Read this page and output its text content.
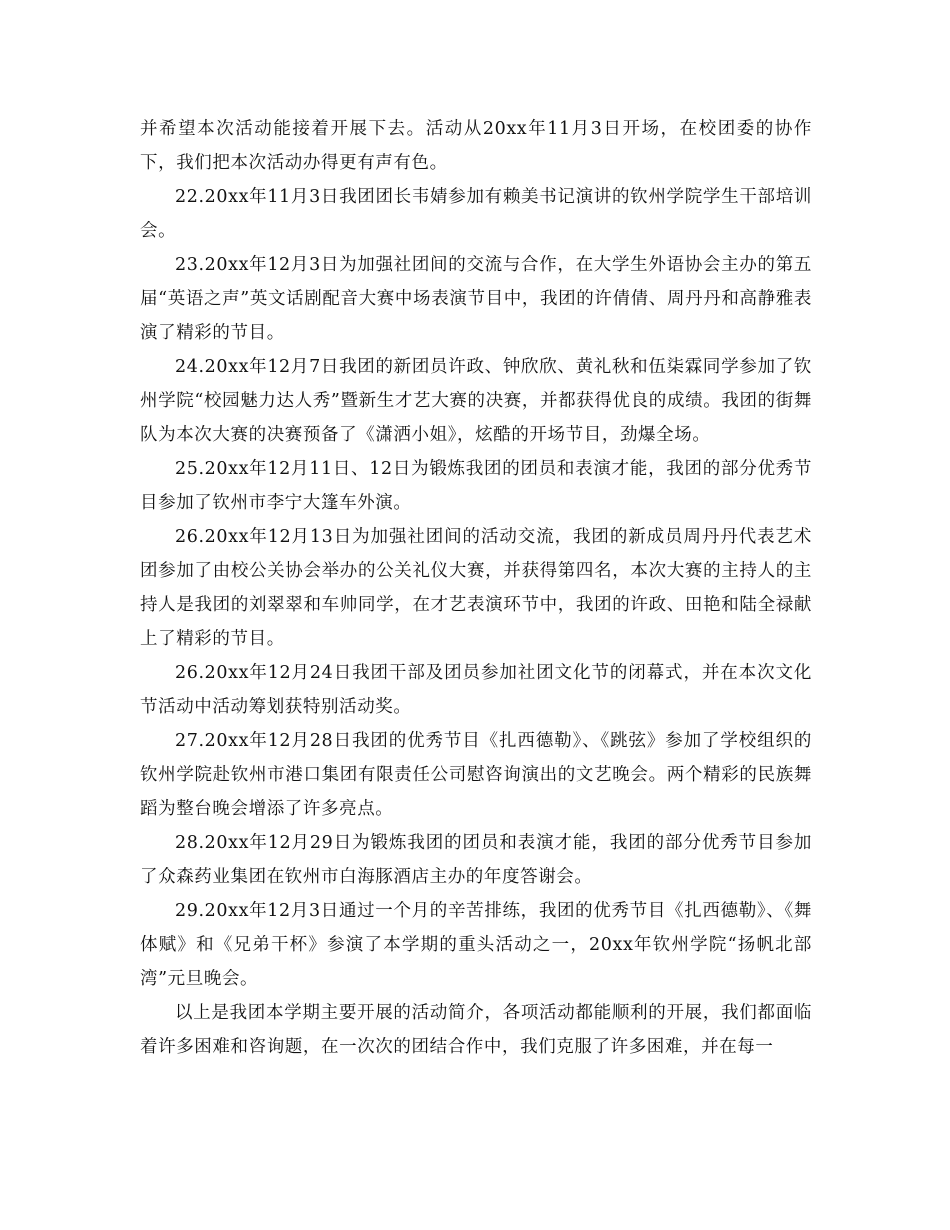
并希望本次活动能接着开展下去。活动从20xx年11月3日开场，在校团委的协作下，我们把本次活动办得更有声有色。

22.20xx年11月3日我团团长韦婧参加有赖美书记演讲的钦州学院学生干部培训会。

23.20xx年12月3日为加强社团间的交流与合作，在大学生外语协会主办的第五届“英语之声”英文话剧配音大赛中场表演节目中，我团的许倩倩、周丹丹和高静雅表演了精彩的节目。

24.20xx年12月7日我团的新团员许政、钟欣欣、黄礼秋和伍柒霖同学参加了钦州学院“校园魅力达人秀”暨新生才艺大赛的决赛，并都获得优良的成绩。我团的街舞队为本次大赛的决赛预备了《潇洒小姐》，炫酷的开场节目，劲爆全场。

25.20xx年12月11日、12日为锻炼我团的团员和表演才能，我团的部分优秀节目参加了钦州市李宁大篷车外演。

26.20xx年12月13日为加强社团间的活动交流，我团的新成员周丹丹代表艺术团参加了由校公关协会举办的公关礼仪大赛，并获得第四名，本次大赛的主持人的主持人是我团的刘翠翠和车帅同学，在才艺表演环节中，我团的许政、田艳和陆全禄献上了精彩的节目。

26.20xx年12月24日我团干部及团员参加社团文化节的闭幕式，并在本次文化节活动中活动筹划获特别活动奖。

27.20xx年12月28日我团的优秀节目《扎西德勒》、《跳弦》参加了学校组织的钦州学院赴钦州市港口集团有限责任公司慰咨询演出的文艺晚会。两个精彩的民族舞蹈为整台晚会增添了许多亮点。

28.20xx年12月29日为锻炼我团的团员和表演才能，我团的部分优秀节目参加了众森药业集团在钦州市白海豚酒店主办的年度答谢会。

29.20xx年12月3日通过一个月的辛苦排练，我团的优秀节目《扎西德勒》、《舞体赋》和《兄弟干杯》参演了本学期的重头活动之一，20xx年钦州学院“扬帆北部湾”元旦晚会。

以上是我团本学期主要开展的活动简介，各项活动都能顺利的开展，我们都面临着许多困难和咨询题，在一次次的团结合作中，我们克服了许多困难，并在每一
